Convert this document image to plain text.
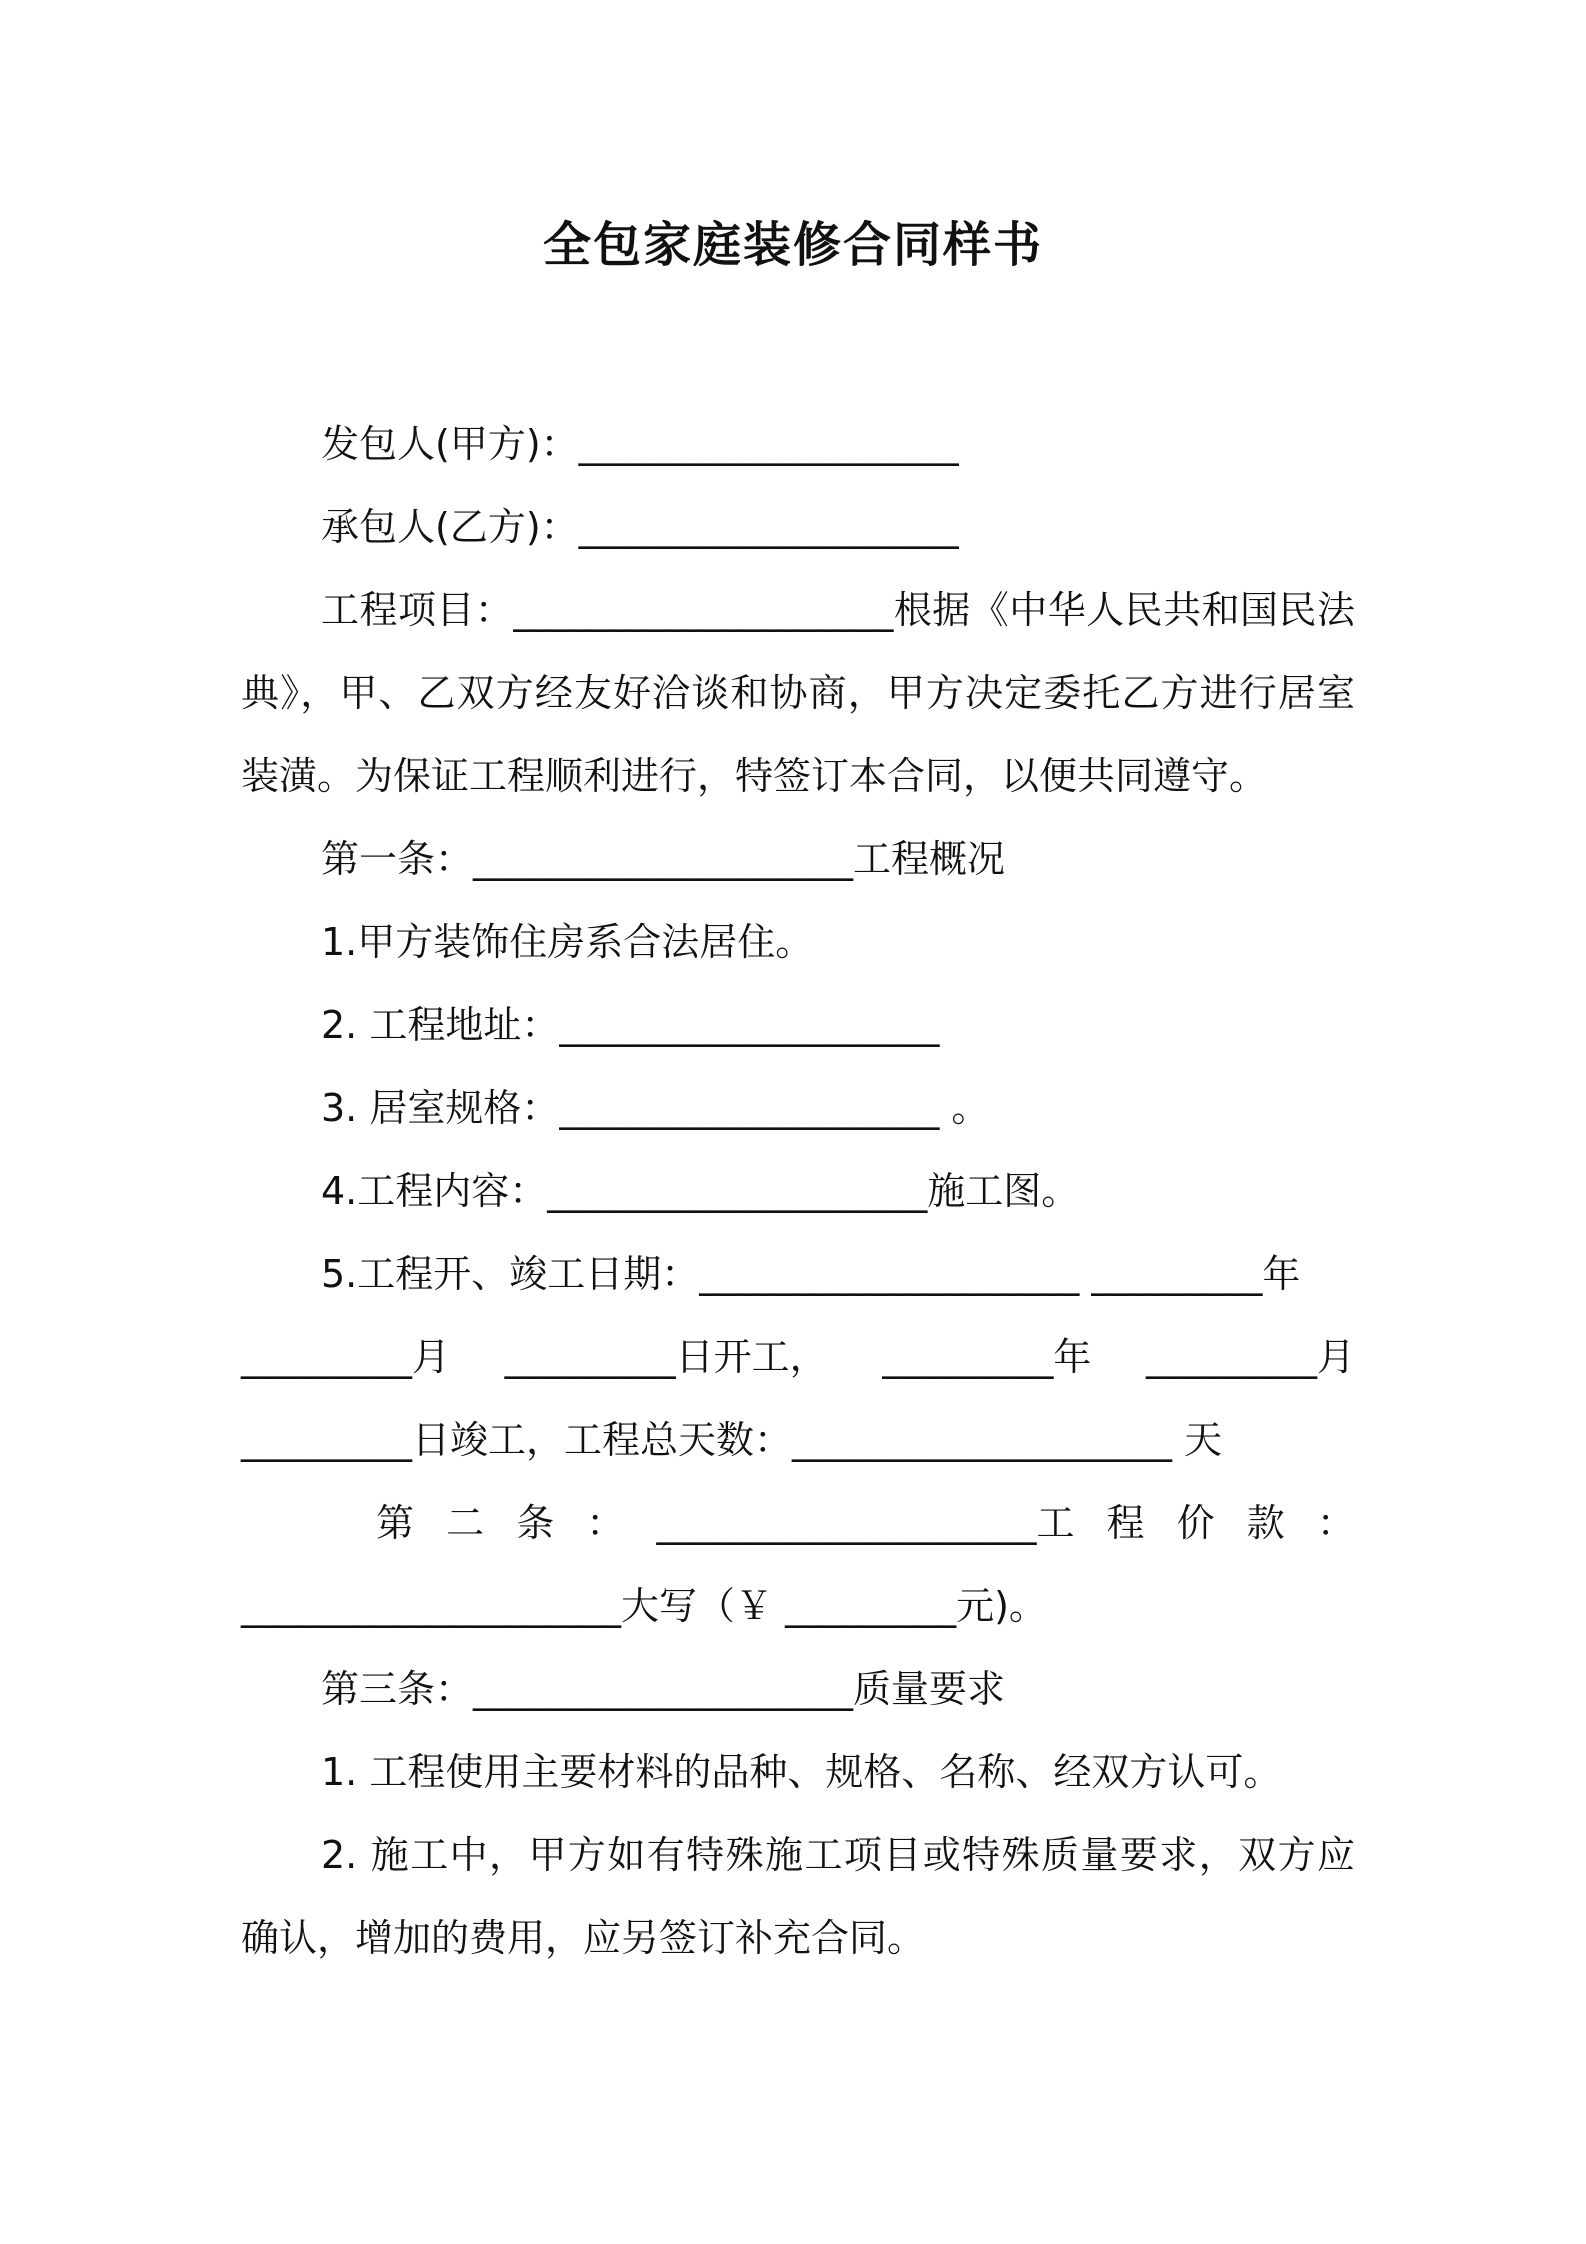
全包家庭装修合同样书

发包人(甲方)：____________________

承包人(乙方)：____________________

工程项目：____________________根据《中华人民共和国民法典》，甲、乙双方经友好洽谈和协商，甲方决定委托乙方进行居室装潢。为保证工程顺利进行，特签订本合同，以便共同遵守。

第一条：____________________工程概况

1.甲方装饰住房系合法居住。

2. 工程地址：____________________

3. 居室规格：____________________ 。

4.工程内容：____________________施工图。

5.工程开、竣工日期：____________________ _________年

_________月 _________日开工， _________年 _________月

_________日竣工，工程总天数：____________________ 天

第 二 条 ： ____________________工 程 价 款 ：

____________________大写（￥ _________元)。

第三条：____________________质量要求

1. 工程使用主要材料的品种、规格、名称、经双方认可。

2. 施工中，甲方如有特殊施工项目或特殊质量要求，双方应确认，增加的费用，应另签订补充合同。
